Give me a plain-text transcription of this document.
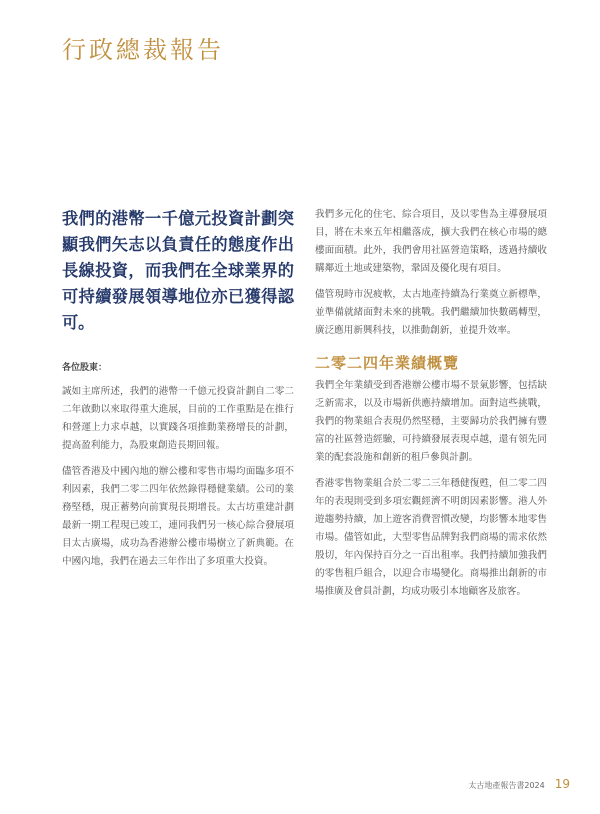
行政總裁報告
我們的港幣一千億元投資計劃突顯我們矢志以負責任的態度作出長線投資，而我們在全球業界的可持續發展領導地位亦已獲得認可。
各位股東：

誠如主席所述，我們的港幣一千億元投資計劃自二零二二年啟動以來取得重大進展，目前的工作重點是在推行和營運上力求卓越，以實踐各項推動業務增長的計劃，提高盈利能力，為股東創造長期回報。

儘管香港及中國內地的辦公樓和零售市場均面臨多項不利因素，我們二零二四年依然錄得穩健業績。公司的業務堅穩，現正蓄勢向前實現長期增長。太古坊重建計劃最新一期工程現已竣工，連同我們另一核心綜合發展項目太古廣場，成功為香港辦公樓市場樹立了新典範。在中國內地，我們在過去三年作出了多項重大投資。

我們多元化的住宅、綜合項目，及以零售為主導發展項目，將在未來五年相繼落成，擴大我們在核心市場的總樓面面積。此外，我們會用社區營造策略，透過持續收購鄰近土地或建築物，鞏固及優化現有項目。

儘管現時市況疲軟，太古地產持續為行業奠立新標準，並準備就緒面對未來的挑戰。我們繼續加快數碼轉型，廣泛應用新興科技，以推動創新，並提升效率。

二零二四年業績概覽

我們全年業績受到香港辦公樓市場不景氣影響，包括缺乏新需求，以及市場新供應持續增加。面對這些挑戰，我們的物業組合表現仍然堅穩，主要歸功於我們擁有豐富的社區營造經驗，可持續發展表現卓越，還有領先同業的配套設施和創新的租戶參與計劃。

香港零售物業組合於二零二三年穩健復甦，但二零二四年的表現則受到多項宏觀經濟不明朗因素影響。港人外遊趨勢持續，加上遊客消費習慣改變，均影響本地零售市場。儘管如此，大型零售品牌對我們商場的需求依然殷切，年內保持百分之一百出租率。我們持續加強我們的零售租戶組合，以迎合市場變化。商場推出創新的市場推廣及會員計劃，均成功吸引本地顧客及旅客。

太古地產報告書2024 19
